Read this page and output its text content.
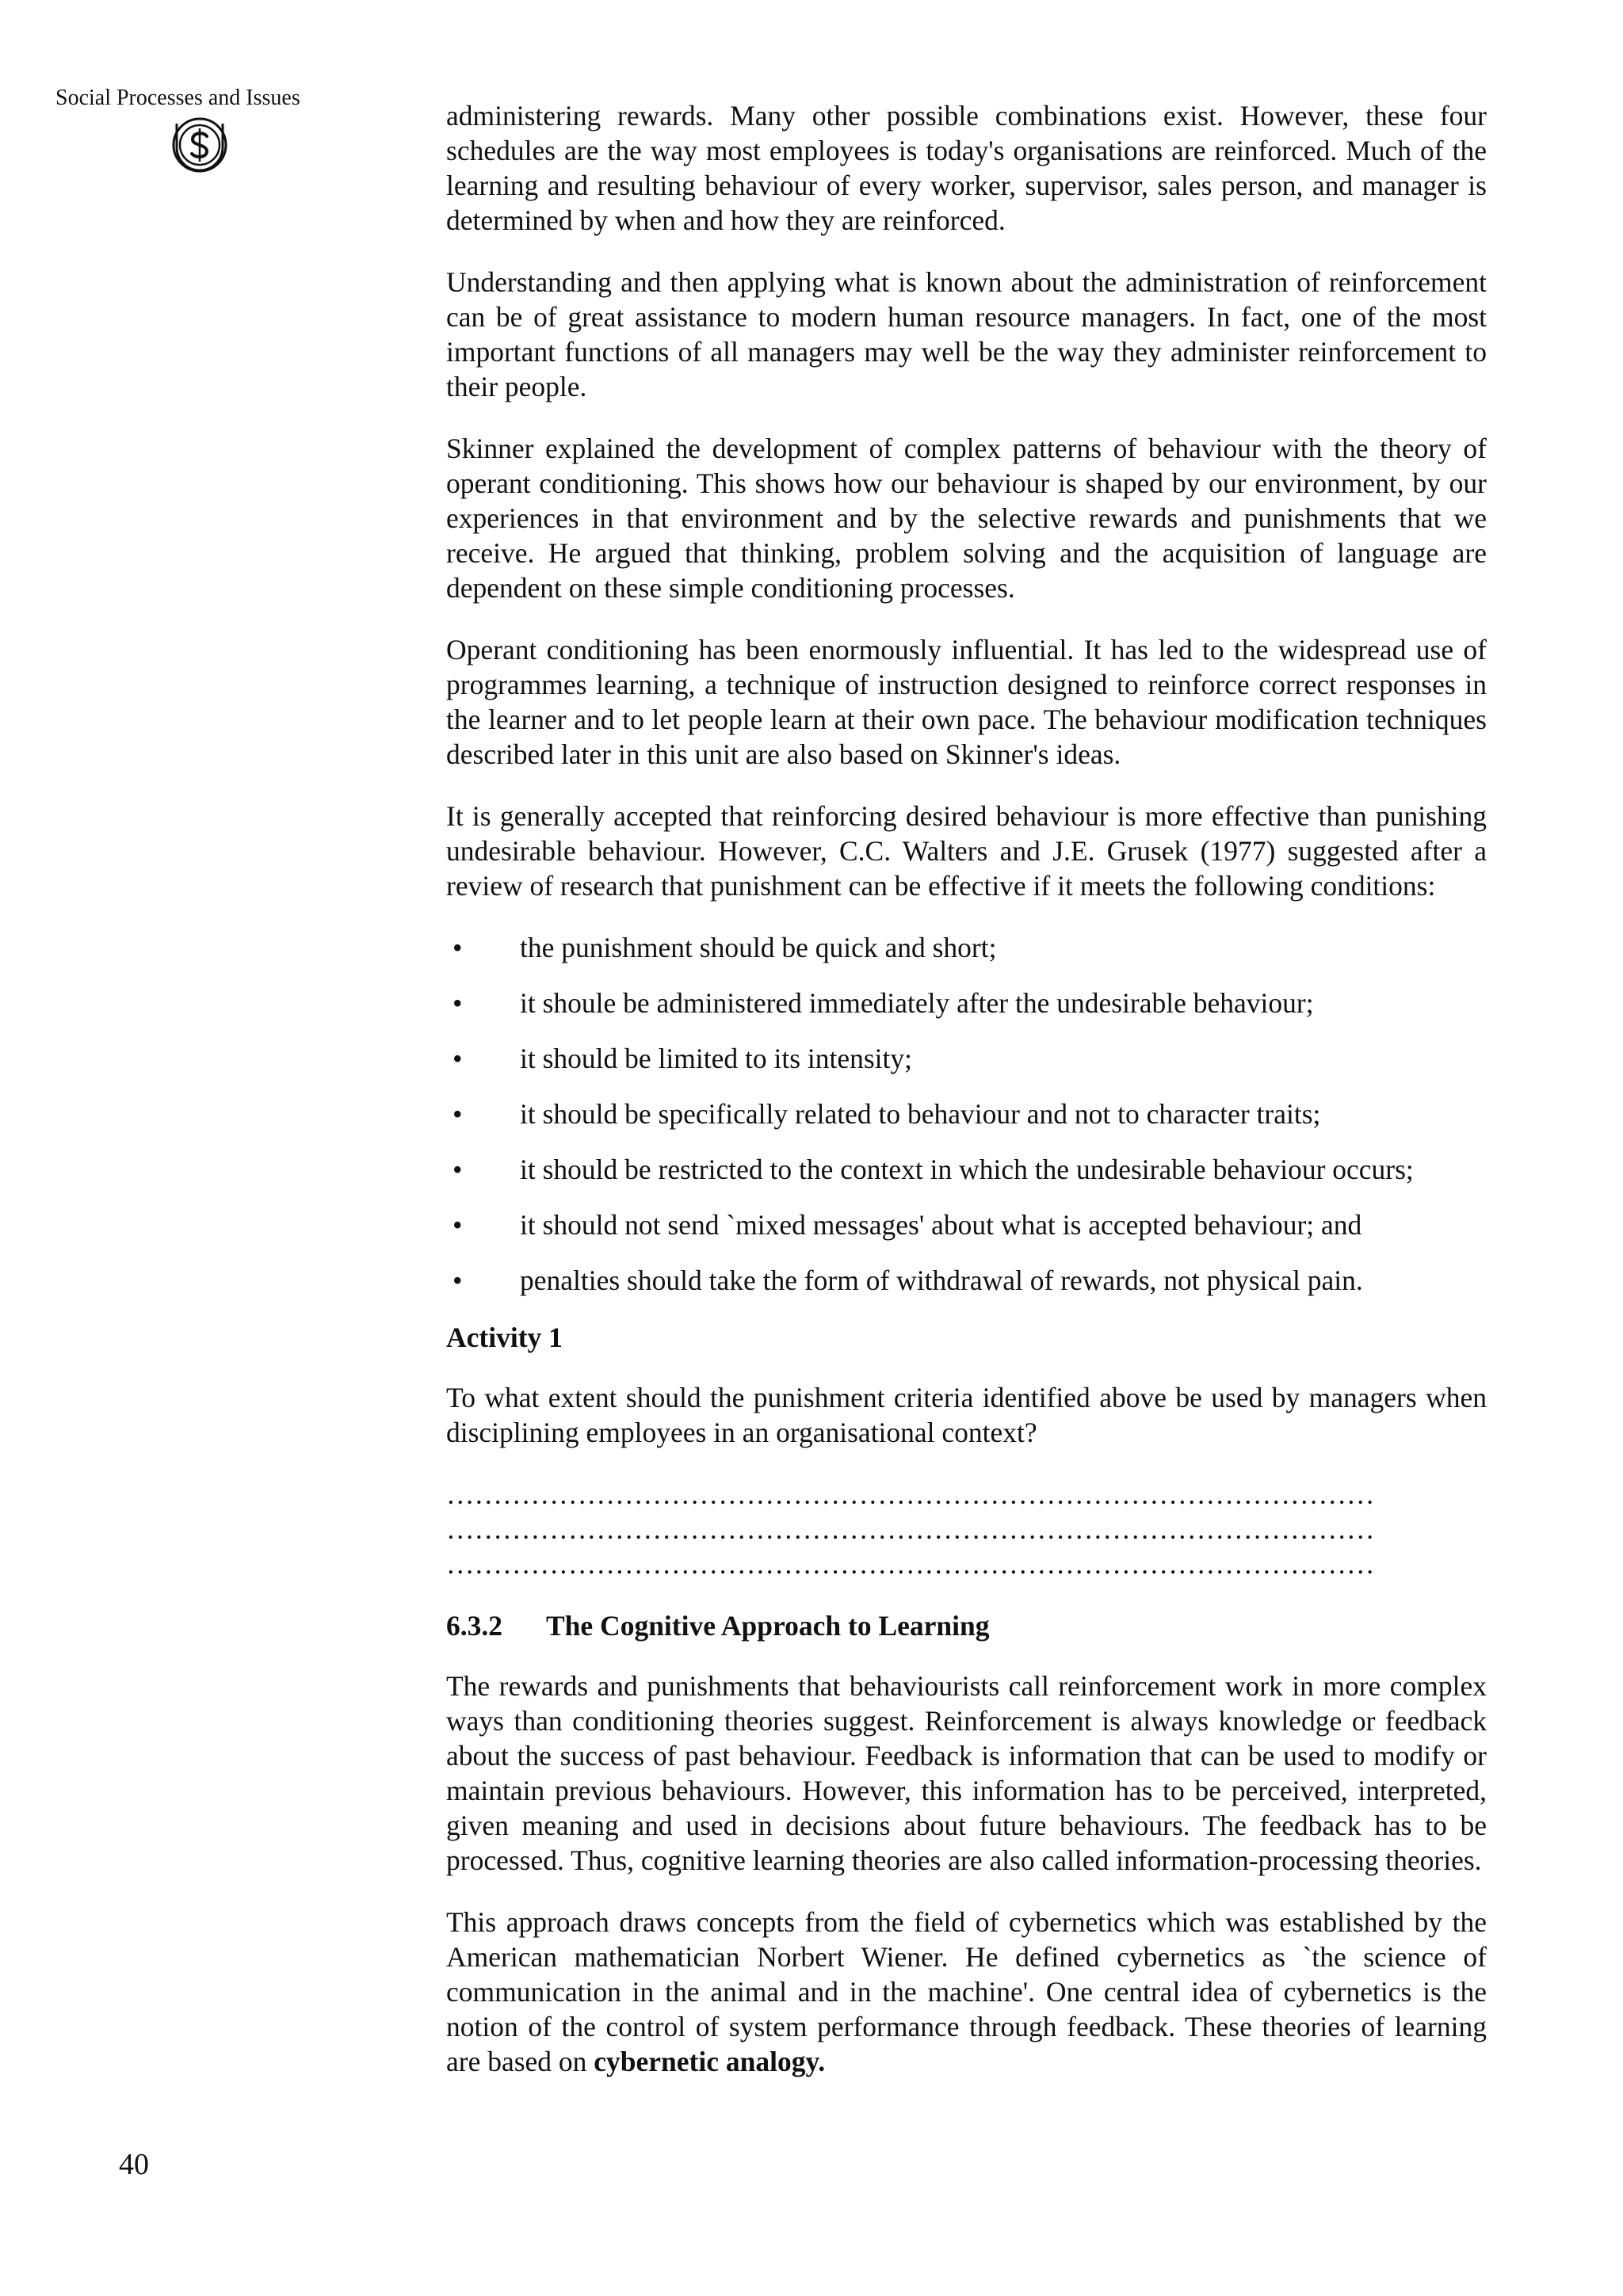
Social Processes and Issues
40

administering rewards. Many other possible combinations exist. However, these four schedules are the way most employees is today's organisations are reinforced. Much of the learning and resulting behaviour of every worker, supervisor, sales person, and manager is determined by when and how they are reinforced.

Understanding and then applying what is known about the administration of reinforcement can be of great assistance to modern human resource managers. In fact, one of the most important functions of all managers may well be the way they administer reinforcement to their people.

Skinner explained the development of complex patterns of behaviour with the theory of operant conditioning. This shows how our behaviour is shaped by our environment, by our experiences in that environment and by the selective rewards and punishments that we receive. He argued that thinking, problem solving and the acquisition of language are dependent on these simple conditioning processes.

Operant conditioning has been enormously influential. It has led to the widespread use of programmes learning, a technique of instruction designed to reinforce correct responses in the learner and to let people learn at their own pace. The behaviour modification techniques described later in this unit are also based on Skinner's ideas.

It is generally accepted that reinforcing desired behaviour is more effective than punishing undesirable behaviour. However, C.C. Walters and J.E. Grusek (1977) suggested after a review of research that punishment can be effective if it meets the following conditions:

• the punishment should be quick and short;
• it shoule be administered immediately after the undesirable behaviour;
• it should be limited to its intensity;
• it should be specifically related to behaviour and not to character traits;
• it should be restricted to the context in which the undesirable behaviour occurs;
• it should not send `mixed messages' about what is accepted behaviour; and
• penalties should take the form of withdrawal of rewards, not physical pain.
Activity 1

To what extent should the punishment criteria identified above be used by managers when disciplining employees in an organisational context?

………………………………………………………………………………………
………………………………………………………………………………………
………………………………………………………………………………………
6.3.2 The Cognitive Approach to Learning

The rewards and punishments that behaviourists call reinforcement work in more complex ways than conditioning theories suggest. Reinforcement is always knowledge or feedback about the success of past behaviour. Feedback is information that can be used to modify or maintain previous behaviours. However, this information has to be perceived, interpreted, given meaning and used in decisions about future behaviours. The feedback has to be processed. Thus, cognitive learning theories are also called information-processing theories.

This approach draws concepts from the field of cybernetics which was established by the American mathematician Norbert Wiener. He defined cybernetics as `the science of communication in the animal and in the machine'. One central idea of cybernetics is the notion of the control of system performance through feedback. These theories of learning are based on cybernetic analogy.
